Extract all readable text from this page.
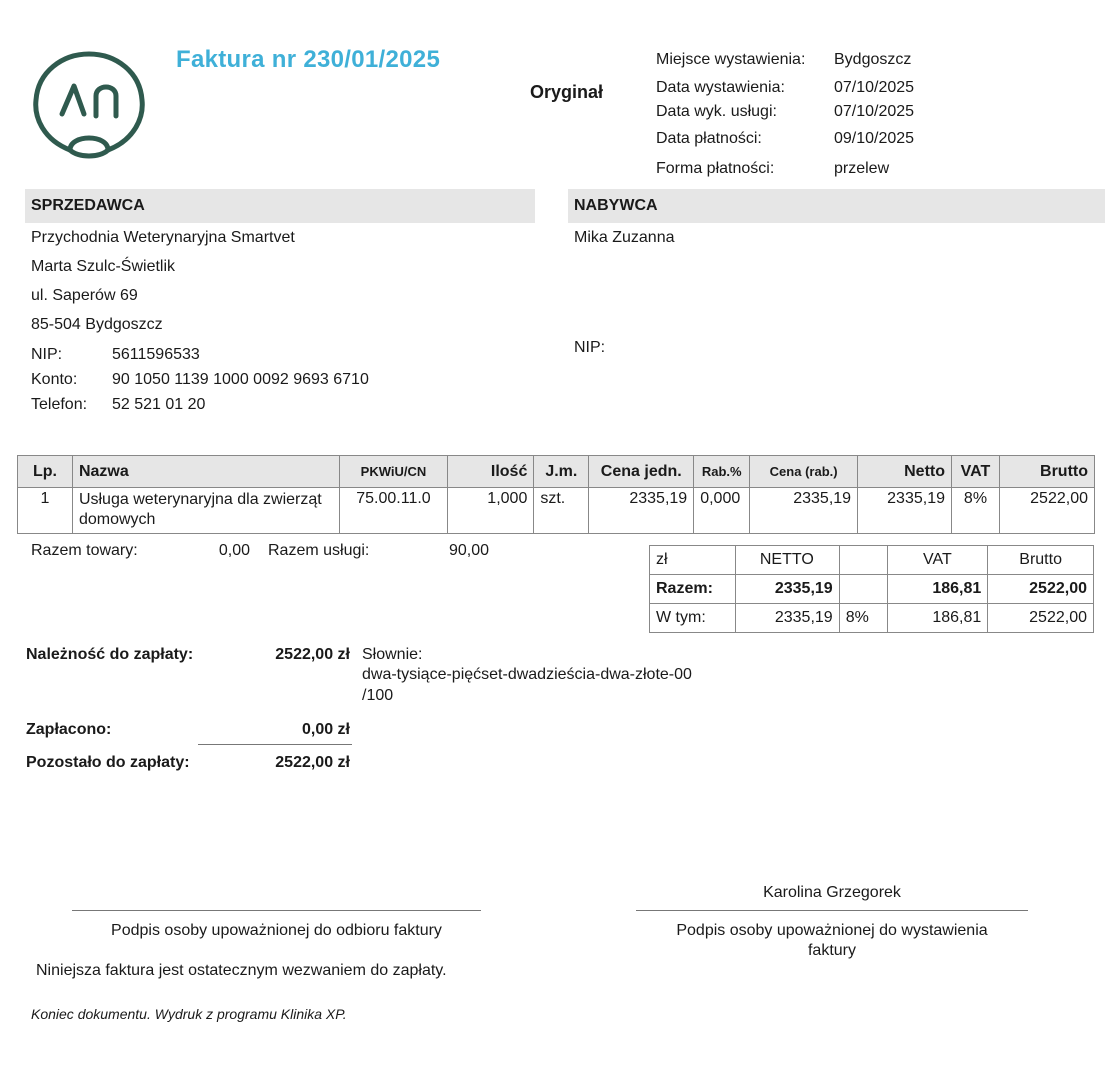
Faktura nr 230/01/2025
Oryginał
Miejsce wystawienia:	Bydgoszcz
Data wystawienia:	07/10/2025
Data wyk. usługi:	07/10/2025
Data płatności:	09/10/2025
Forma płatności:	przelew
SPRZEDAWCA
Przychodnia Weterynaryjna Smartvet
Marta Szulc-Świetlik
ul. Saperów 69
85-504 Bydgoszcz
NIP:	5611596533
Konto:	90 1050 1139 1000 0092 9693 6710
Telefon:	52 521 01 20
NABYWCA
Mika Zuzanna
NIP:
Lp.	Nazwa	PKWiU/CN	Ilość	J.m.	Cena jedn.	Rab.%	Cena (rab.)	Netto	VAT	Brutto
1	Usługa weterynaryjna dla zwierząt domowych	75.00.11.0	1,000	szt.	2335,19	0,000	2335,19	2335,19	8%	2522,00
Razem towary:	0,00 Razem usługi:	90,00
zł	NETTO		VAT	Brutto
Razem:	2335,19		186,81	2522,00
W tym:	2335,19	8%	186,81	2522,00
Należność do zapłaty:	2522,00 zł Słownie:
dwa-tysiące-pięćset-dwadzieścia-dwa-złote-00
/100
Zapłacono:	0,00 zł
Pozostało do zapłaty:	2522,00 zł
Podpis osoby upoważnionej do odbioru faktury
Karolina Grzegorek
Podpis osoby upoważnionej do wystawienia
faktury
Niniejsza faktura jest ostatecznym wezwaniem do zapłaty.
Koniec dokumentu. Wydruk z programu Klinika XP.
